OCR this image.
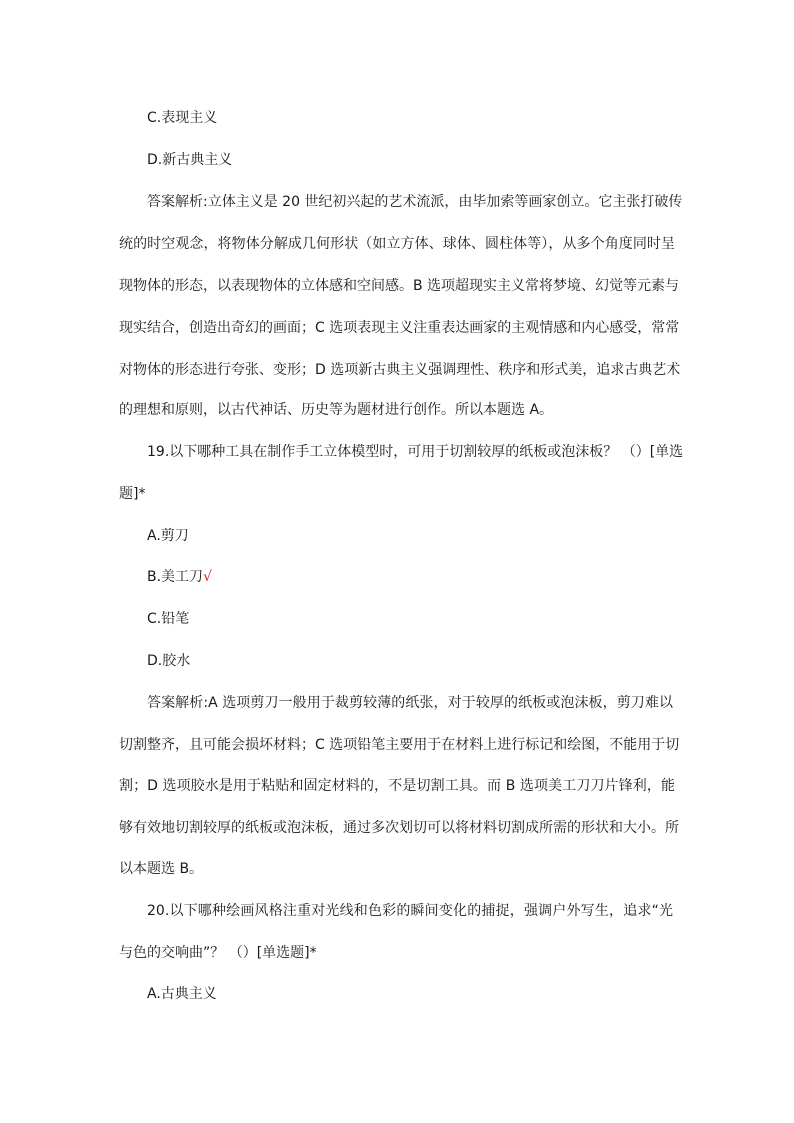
C.表现主义
D.新古典主义
答案解析:立体主义是 20 世纪初兴起的艺术流派，由毕加索等画家创立。它主张打破传
统的时空观念，将物体分解成几何形状（如立方体、球体、圆柱体等），从多个角度同时呈
现物体的形态，以表现物体的立体感和空间感。B 选项超现实主义常将梦境、幻觉等元素与
现实结合，创造出奇幻的画面；C 选项表现主义注重表达画家的主观情感和内心感受，常常
对物体的形态进行夸张、变形；D 选项新古典主义强调理性、秩序和形式美，追求古典艺术
的理想和原则，以古代神话、历史等为题材进行创作。所以本题选 A。
19.以下哪种工具在制作手工立体模型时，可用于切割较厚的纸板或泡沫板？ （）[单选
题]*
A.剪刀
B.美工刀√
C.铅笔
D.胶水
答案解析:A 选项剪刀一般用于裁剪较薄的纸张，对于较厚的纸板或泡沫板，剪刀难以
切割整齐，且可能会损坏材料；C 选项铅笔主要用于在材料上进行标记和绘图，不能用于切
割；D 选项胶水是用于粘贴和固定材料的，不是切割工具。而 B 选项美工刀刀片锋利，能
够有效地切割较厚的纸板或泡沫板，通过多次划切可以将材料切割成所需的形状和大小。所
以本题选 B。
20.以下哪种绘画风格注重对光线和色彩的瞬间变化的捕捉，强调户外写生，追求“光
与色的交响曲”？ （）[单选题]*
A.古典主义
